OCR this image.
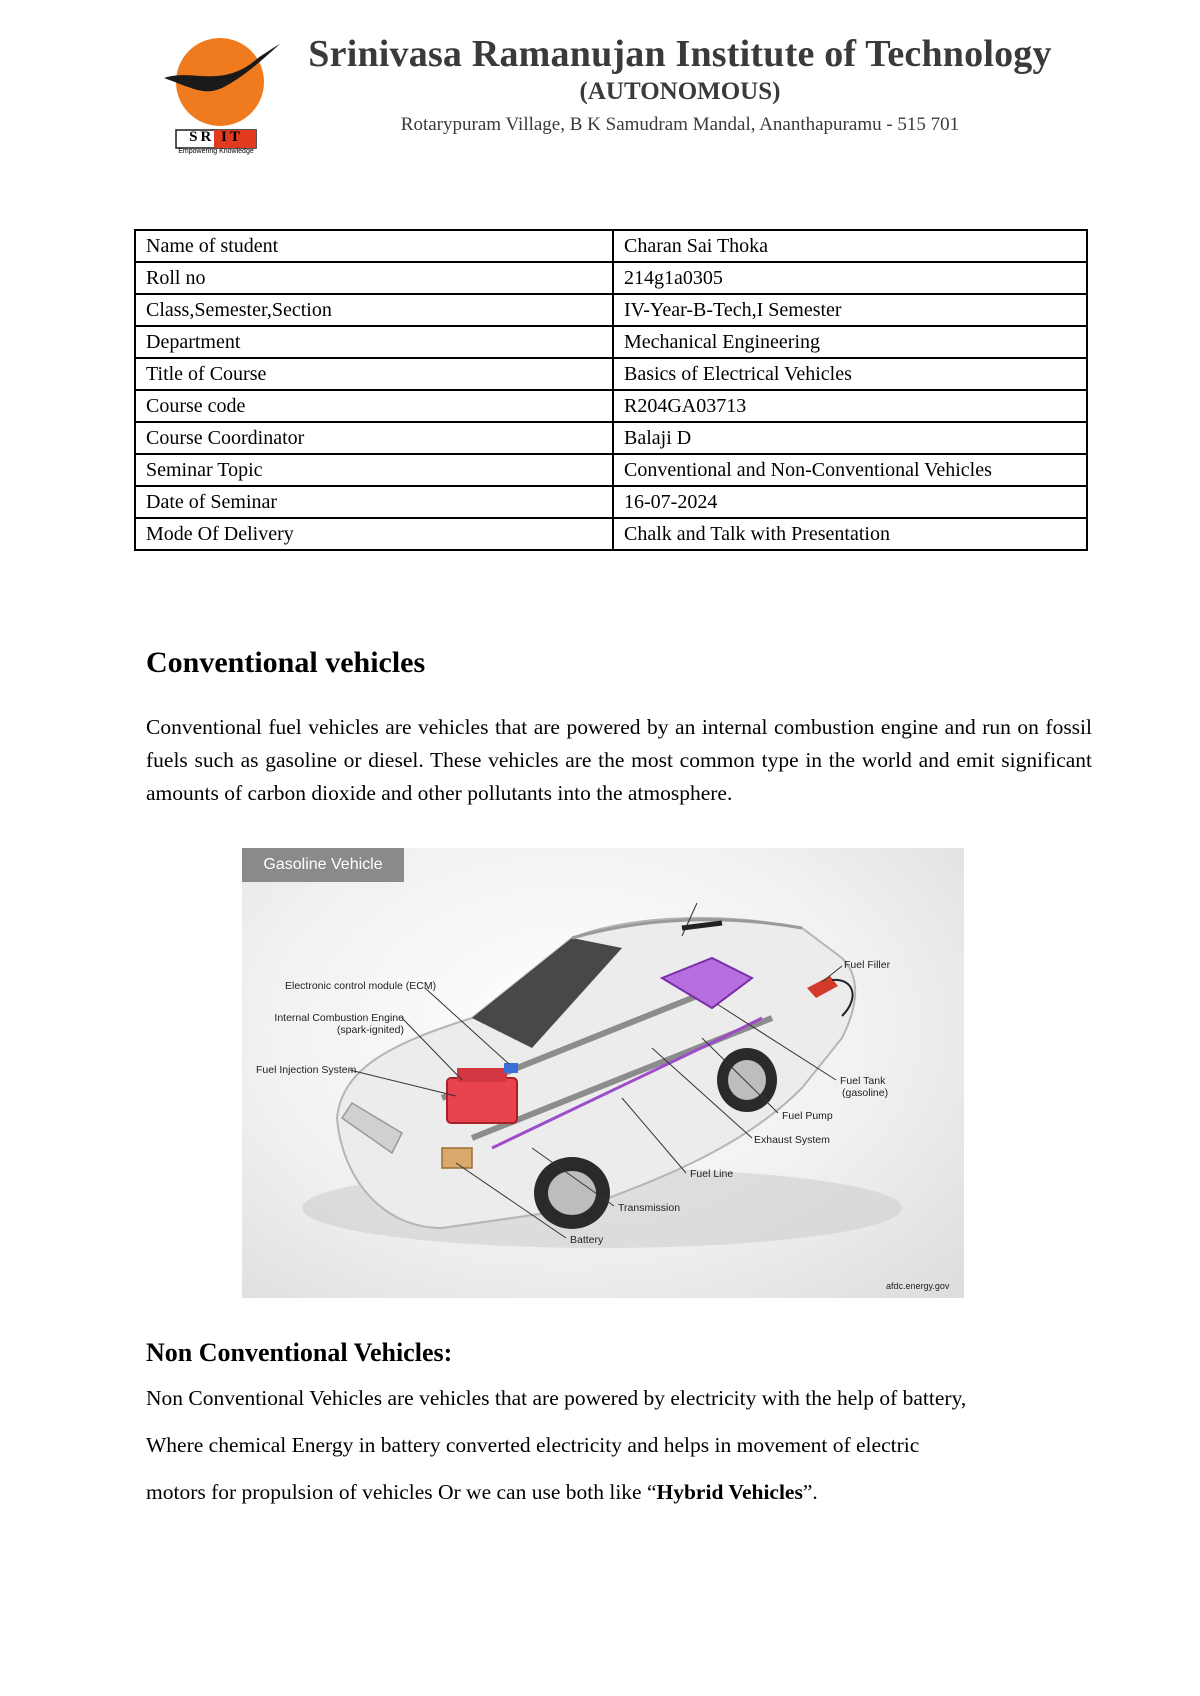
SR IT
Empowering Knowledge
Srinivasa Ramanujan Institute of Technology
(AUTONOMOUS)
Rotarypuram Village, B K Samudram Mandal, Ananthapuramu - 515 701
Name of student	Charan Sai Thoka
Roll no	214g1a0305
Class,Semester,Section	IV-Year-B-Tech,I Semester
Department	Mechanical Engineering
Title of Course	Basics of Electrical Vehicles
Course code	R204GA03713
Course Coordinator	Balaji D
Seminar Topic	Conventional and Non-Conventional Vehicles
Date of Seminar	16-07-2024
Mode Of Delivery	Chalk and Talk with Presentation
Conventional vehicles

Conventional fuel vehicles are vehicles that are powered by an internal combustion engine and run on fossil fuels such as gasoline or diesel. These vehicles are the most common type in the world and emit significant amounts of carbon dioxide and other pollutants into the atmosphere.

Gasoline Vehicle
Electronic control module (ECM)
Internal Combustion Engine
(spark-ignited)
Fuel Injection System
Fuel Filler
Fuel Tank
(gasoline)
Fuel Pump
Exhaust System
Fuel Line
Transmission
Battery
afdc.energy.gov
Non Conventional Vehicles:

Non Conventional Vehicles are vehicles that are powered by electricity with the help of battery,

Where chemical Energy in battery converted electricity and helps in movement of electric

motors for propulsion of vehicles Or we can use both like “Hybrid Vehicles”.
